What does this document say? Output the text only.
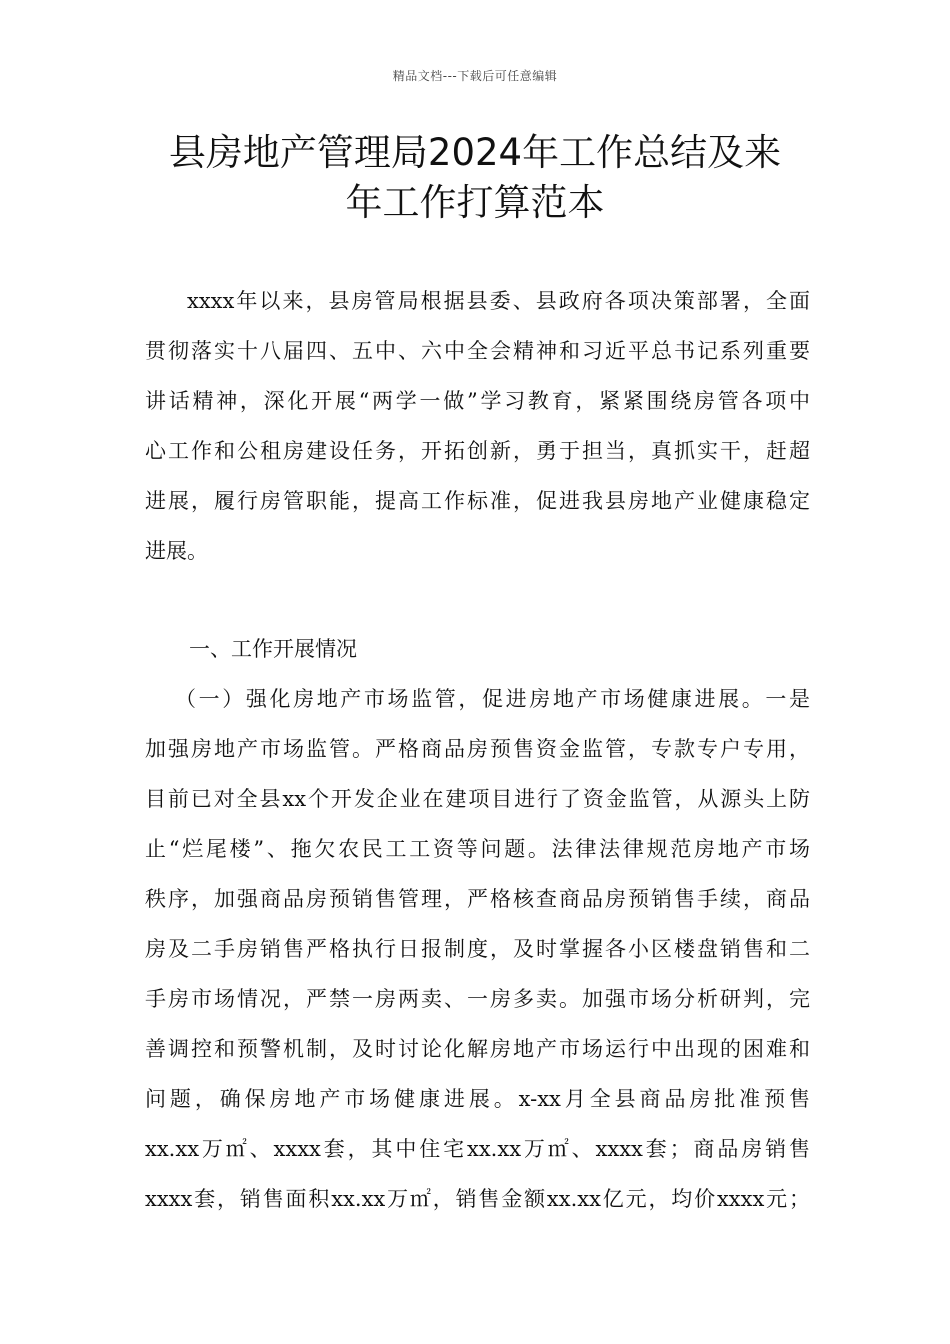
精品文档---下载后可任意编辑
县房地产管理局2024年工作总结及来
年工作打算范本
xxxx年以来，县房管局根据县委、县政府各项决策部署，全面
贯彻落实十八届四、五中、六中全会精神和习近平总书记系列重要
讲话精神，深化开展“两学一做”学习教育，紧紧围绕房管各项中
心工作和公租房建设任务，开拓创新，勇于担当，真抓实干，赶超
进展，履行房管职能，提高工作标准，促进我县房地产业健康稳定
进展。
一、工作开展情况
（一）强化房地产市场监管，促进房地产市场健康进展。一是
加强房地产市场监管。严格商品房预售资金监管，专款专户专用，
目前已对全县xx个开发企业在建项目进行了资金监管，从源头上防
止“烂尾楼”、拖欠农民工工资等问题。法律法律规范房地产市场
秩序，加强商品房预销售管理，严格核查商品房预销售手续，商品
房及二手房销售严格执行日报制度，及时掌握各小区楼盘销售和二
手房市场情况，严禁一房两卖、一房多卖。加强市场分析研判，完
善调控和预警机制，及时讨论化解房地产市场运行中出现的困难和
问题，确保房地产市场健康进展。x-xx月全县商品房批准预售
xx.xx万㎡、xxxx套，其中住宅xx.xx万㎡、xxxx套；商品房销售
xxxx套，销售面积xx.xx万㎡，销售金额xx.xx亿元，均价xxxx元；
